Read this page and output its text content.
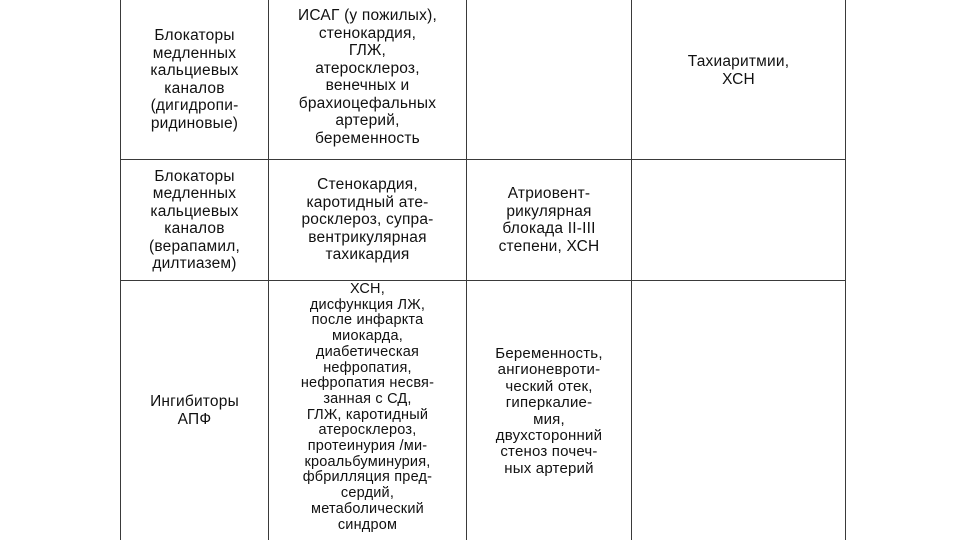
Блокаторы
медленных
кальциевых
каналов
(дигидропи-
ридиновые)
ИСАГ (у пожилых),
стенокардия,
ГЛЖ,
атеросклероз,
венечных и
брахиоцефальных
артерий,
беременность
Тахиаритмии,
ХСН
Блокаторы
медленных
кальциевых
каналов
(верапамил,
дилтиазем)
Стенокардия,
каротидный ате-
росклероз, супра-
вентрикулярная
тахикардия
Атриовент-
рикулярная
блокада II-III
степени, ХСН
Ингибиторы
АПФ
ХСН,
дисфункция ЛЖ,
после инфаркта
миокарда,
диабетическая
нефропатия,
нефропатия несвя-
занная с СД,
ГЛЖ, каротидный
атеросклероз,
протеинурия /ми-
кроальбуминурия,
фбрилляция пред-
сердий,
метаболический
синдром
Беременность,
ангионевроти-
ческий отек,
гиперкалие-
мия,
двухсторонний
стеноз почеч-
ных артерий
